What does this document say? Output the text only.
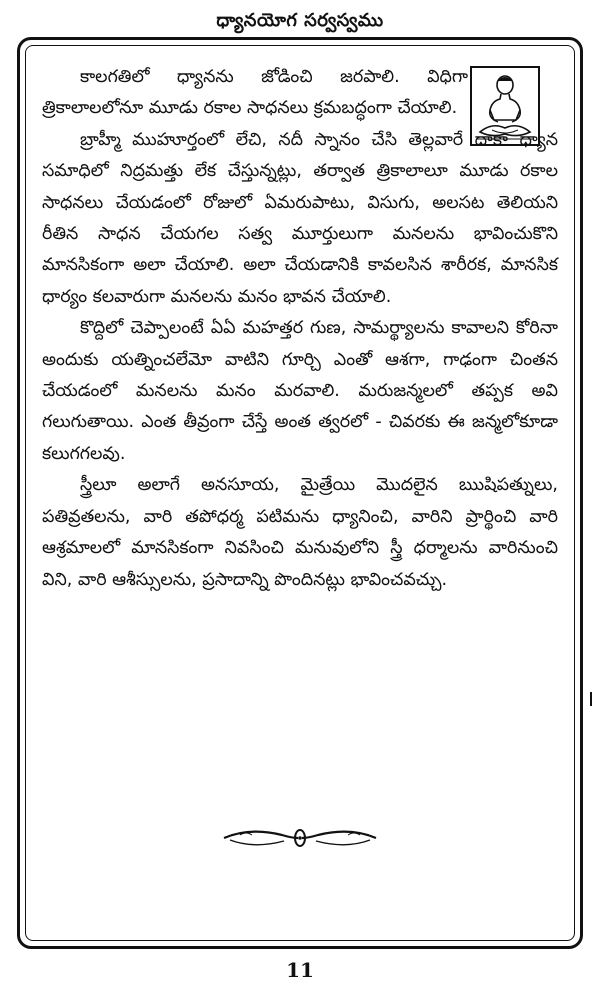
ధ్యానయోగ సర్వస్వము

కాలగతిలో ధ్యానను జోడించి జరపాలి. విధిగా త్రికాలాలలోనూ మూడు రకాల సాధనలు క్రమబద్ధంగా చేయాలి.

బ్రాహ్మీ ముహూర్తంలో లేచి, నదీ స్నానం చేసి తెల్లవారే దాకా ధ్యాన సమాధిలో నిద్రమత్తు లేక చేస్తున్నట్లు, తర్వాత త్రికాలాలూ మూడు రకాల సాధనలు చేయడంలో రోజులో ఏమరుపాటు, విసుగు, అలసట తెలియని రీతిన సాధన చేయగల సత్వ మూర్తులుగా మనలను భావించుకొని మానసికంగా అలా చేయాలి. అలా చేయడానికి కావలసిన శారీరక, మానసిక ధార్యం కలవారుగా మనలను మనం భావన చేయాలి.

కొద్దిలో చెప్పాలంటే ఏఏ మహత్తర గుణ, సామర్థ్యాలను కావాలని కోరినా అందుకు యత్నించలేమో వాటిని గూర్చి ఎంతో ఆశగా, గాఢంగా చింతన చేయడంలో మనలను మనం మరవాలి. మరుజన్మలలో తప్పక అవి గలుగుతాయి. ఎంత తీవ్రంగా చేస్తే అంత త్వరలో - చివరకు ఈ జన్మలోకూడా కలుగగలవు.

స్త్రీలూ అలాగే అనసూయ, మైత్రేయి మొదలైన ఋషిపత్నులు, పతివ్రతలను, వారి తపోధర్మ పటిమను ధ్యానించి, వారిని ప్రార్థించి వారి ఆశ్రమాలలో మానసికంగా నివసించి మనువులోని స్త్రీ ధర్మాలను వారినుంచి విని, వారి ఆశీస్సులను, ప్రసాదాన్ని పొందినట్లు భావించవచ్చు.

11
